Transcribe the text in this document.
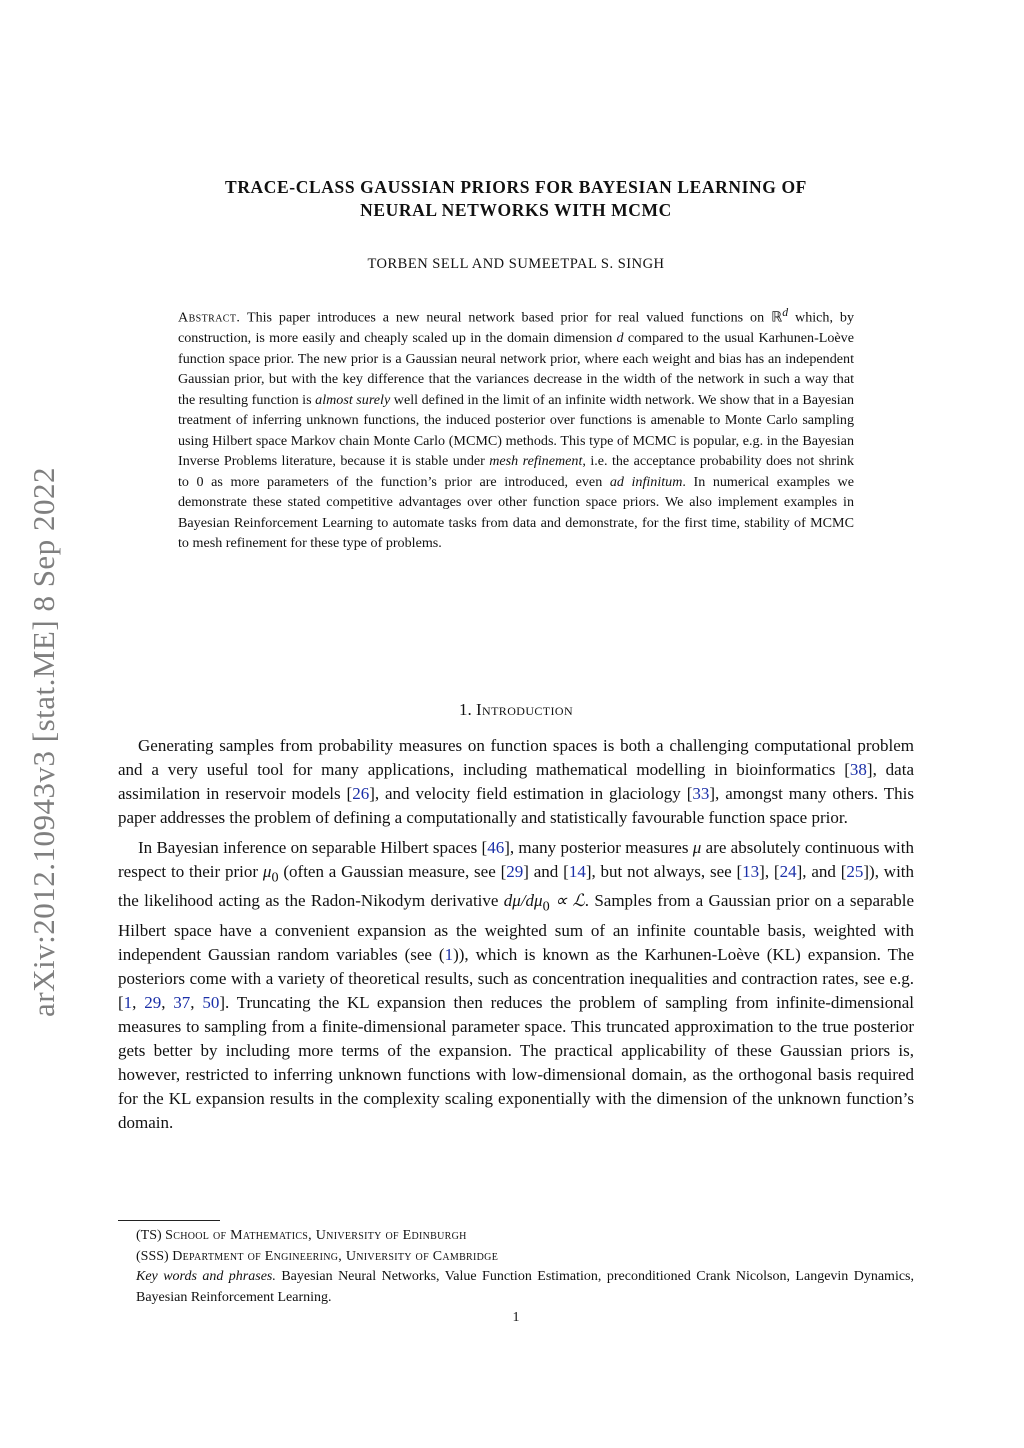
arXiv:2012.10943v3 [stat.ME] 8 Sep 2022
TRACE-CLASS GAUSSIAN PRIORS FOR BAYESIAN LEARNING OF
NEURAL NETWORKS WITH MCMC
TORBEN SELL AND SUMEETPAL S. SINGH
Abstract. This paper introduces a new neural network based prior for real valued functions on ℝ$^d$ which, by construction, is more easily and cheaply scaled up in the domain dimension d compared to the usual Karhunen-Loève function space prior. The new prior is a Gaussian neural network prior, where each weight and bias has an independent Gaussian prior, but with the key difference that the variances decrease in the width of the network in such a way that the resulting function is almost surely well defined in the limit of an infinite width network. We show that in a Bayesian treatment of inferring unknown functions, the induced posterior over functions is amenable to Monte Carlo sampling using Hilbert space Markov chain Monte Carlo (MCMC) methods. This type of MCMC is popular, e.g. in the Bayesian Inverse Problems literature, because it is stable under mesh refinement, i.e. the acceptance probability does not shrink to 0 as more parameters of the function’s prior are introduced, even ad infinitum. In numerical examples we demonstrate these stated competitive advantages over other function space priors. We also implement examples in Bayesian Reinforcement Learning to automate tasks from data and demonstrate, for the first time, stability of MCMC to mesh refinement for these type of problems.
1. Introduction

Generating samples from probability measures on function spaces is both a challenging computational problem and a very useful tool for many applications, including mathematical modelling in bioinformatics [38], data assimilation in reservoir models [26], and velocity field estimation in glaciology [33], amongst many others. This paper addresses the problem of defining a computationally and statistically favourable function space prior.

In Bayesian inference on separable Hilbert spaces [46], many posterior measures μ are absolutely continuous with respect to their prior $\mu_0$ (often a Gaussian measure, see [29] and [14], but not always, see [13], [24], and [25]), with the likelihood acting as the Radon-Nikodym derivative $d\mu/d\mu_0$ ∝ ℒ. Samples from a Gaussian prior on a separable Hilbert space have a convenient expansion as the weighted sum of an infinite countable basis, weighted with independent Gaussian random variables (see (1)), which is known as the Karhunen-Loève (KL) expansion. The posteriors come with a variety of theoretical results, such as concentration inequalities and contraction rates, see e.g. [1, 29, 37, 50]. Truncating the KL expansion then reduces the problem of sampling from infinite-dimensional measures to sampling from a finite-dimensional parameter space. This truncated approximation to the true posterior gets better by including more terms of the expansion. The practical applicability of these Gaussian priors is, however, restricted to inferring unknown functions with low-dimensional domain, as the orthogonal basis required for the KL expansion results in the complexity scaling exponentially with the dimension of the unknown function’s domain.

(TS) School of Mathematics, University of Edinburgh
(SSS) Department of Engineering, University of Cambridge
Key words and phrases. Bayesian Neural Networks, Value Function Estimation, preconditioned Crank Nicolson, Langevin Dynamics, Bayesian Reinforcement Learning.
1
